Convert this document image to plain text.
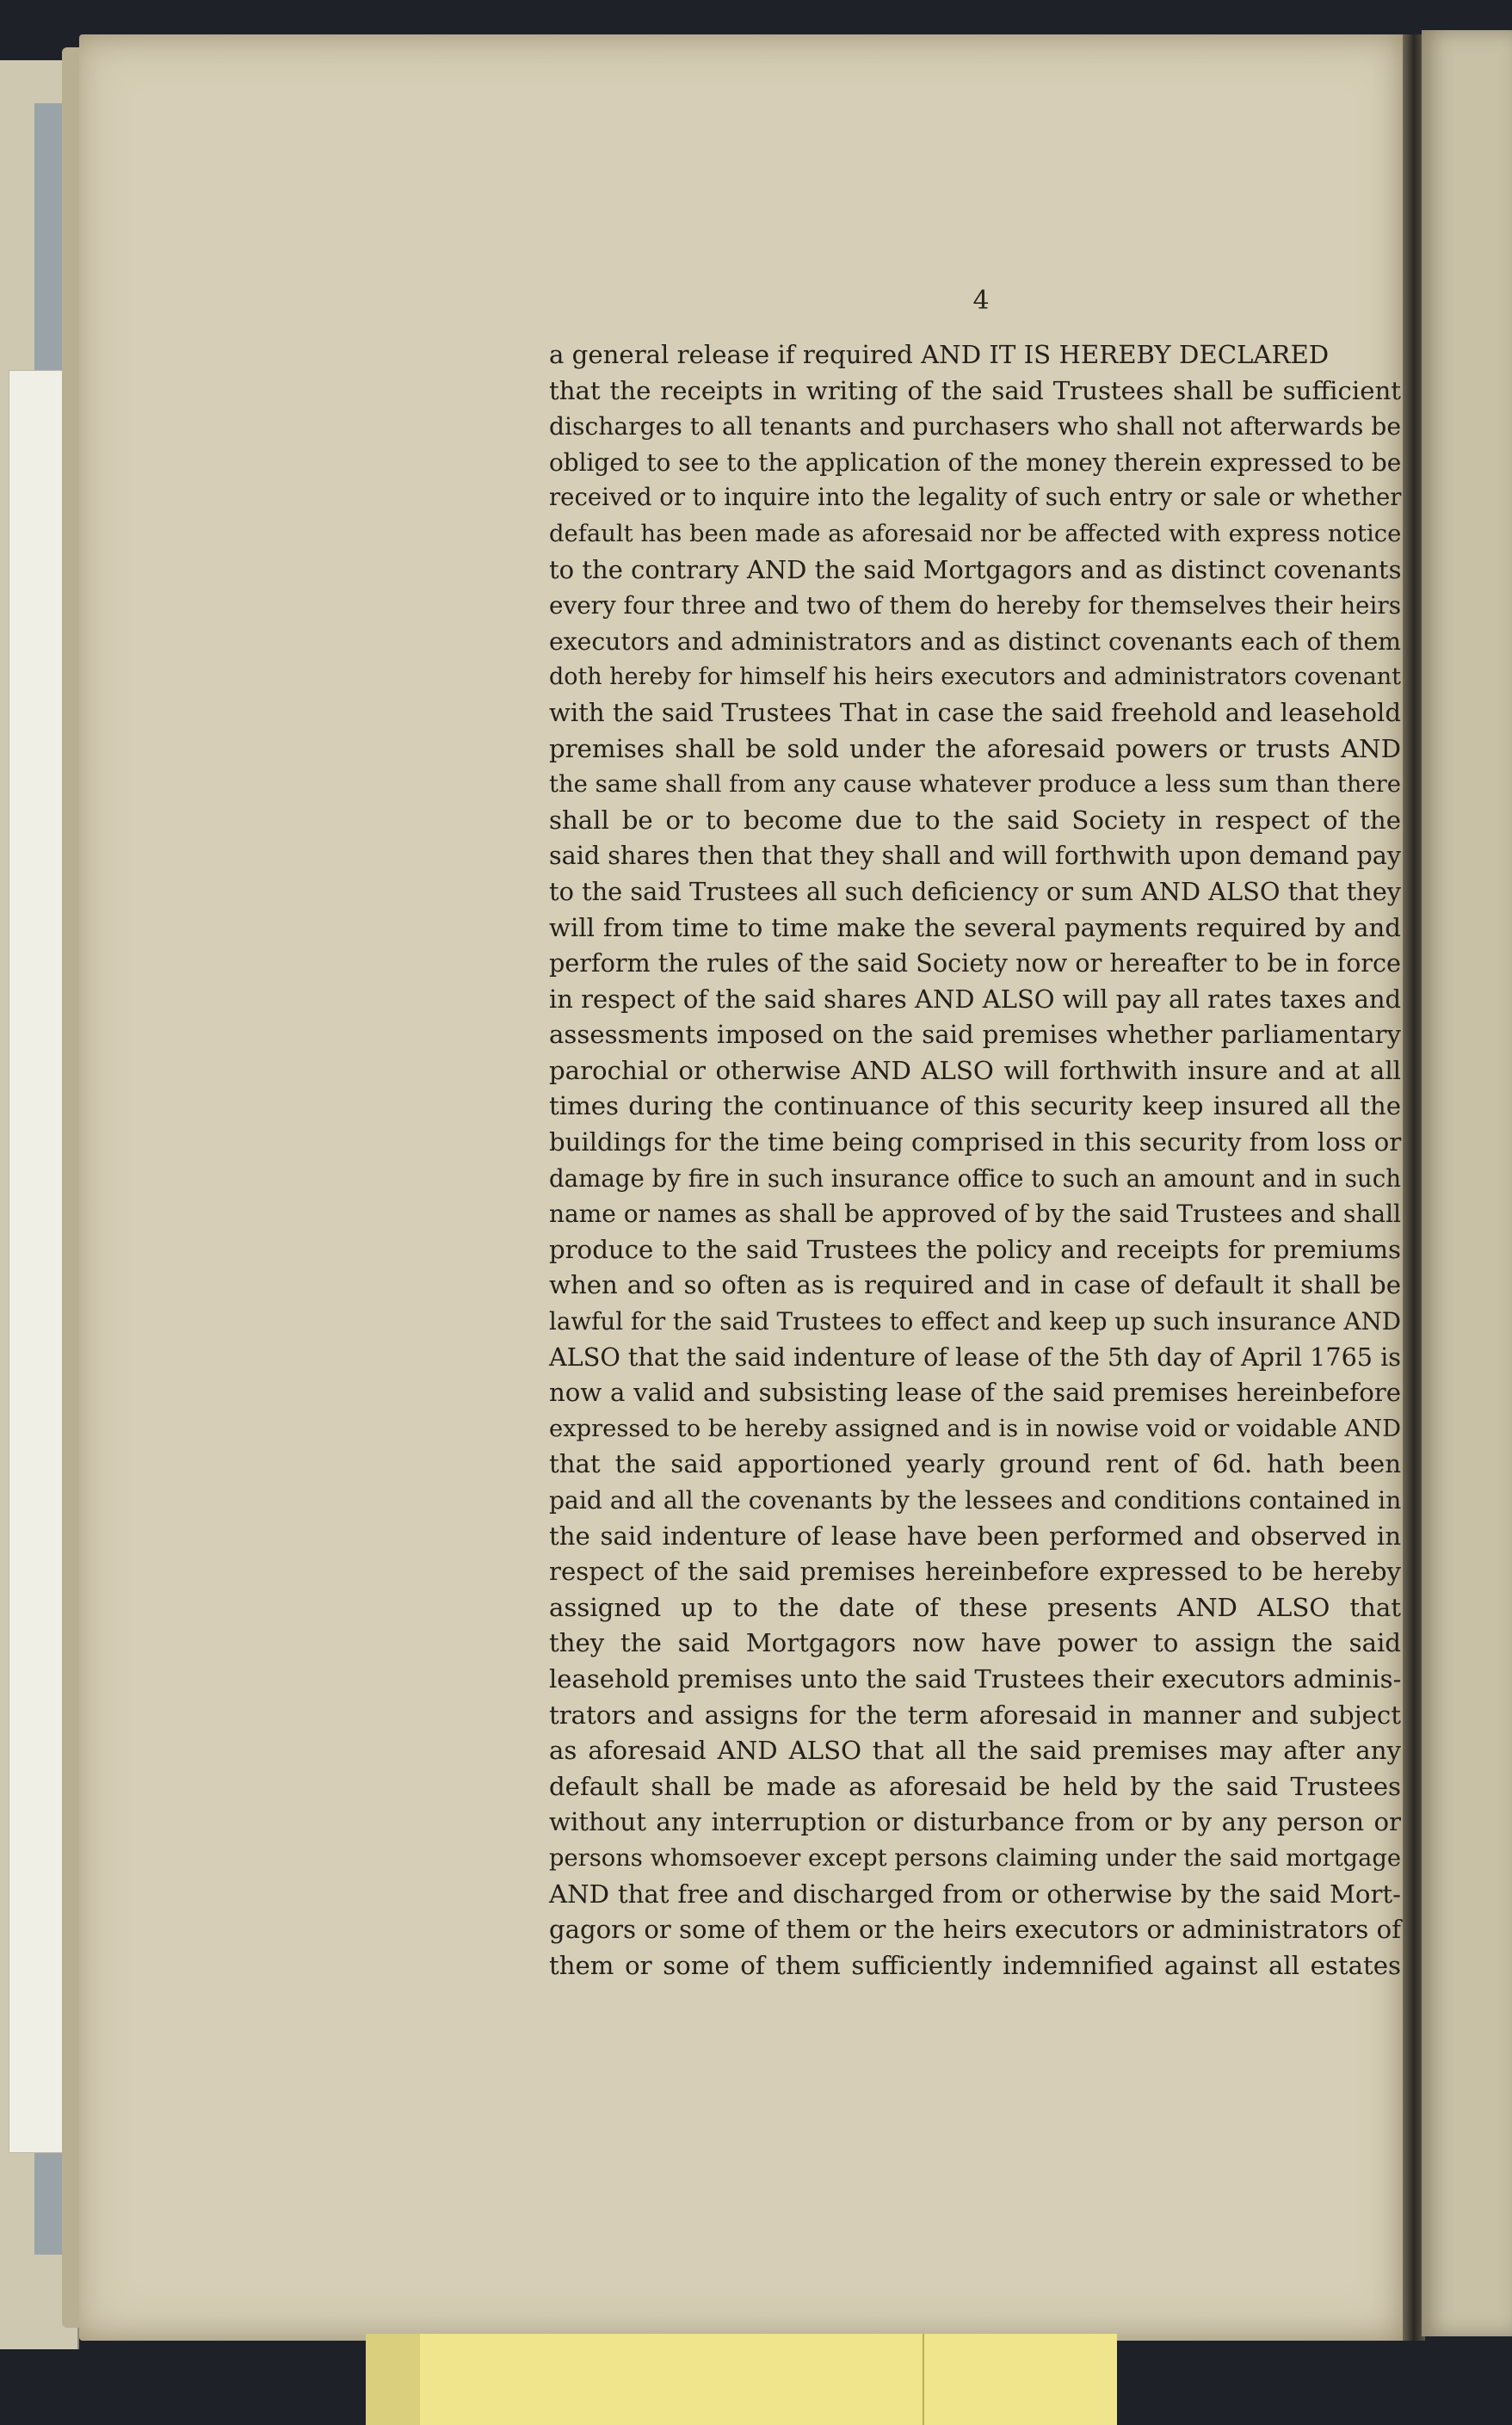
4
a general release if required AND IT IS HEREBY DECLARED
that the receipts in writing of the said Trustees shall be sufficient
discharges to all tenants and purchasers who shall not afterwards be
obliged to see to the application of the money therein expressed to be
received or to inquire into the legality of such entry or sale or whether
default has been made as aforesaid nor be affected with express notice
to the contrary AND the said Mortgagors and as distinct covenants
every four three and two of them do hereby for themselves their heirs
executors and administrators and as distinct covenants each of them
doth hereby for himself his heirs executors and administrators covenant
with the said Trustees That in case the said freehold and leasehold
premises shall be sold under the aforesaid powers or trusts AND
the same shall from any cause whatever produce a less sum than there
shall be or to become due to the said Society in respect of the
said shares then that they shall and will forthwith upon demand pay
to the said Trustees all such deficiency or sum AND ALSO that they
will from time to time make the several payments required by and
perform the rules of the said Society now or hereafter to be in force
in respect of the said shares AND ALSO will pay all rates taxes and
assessments imposed on the said premises whether parliamentary
parochial or otherwise AND ALSO will forthwith insure and at all
times during the continuance of this security keep insured all the
buildings for the time being comprised in this security from loss or
damage by fire in such insurance office to such an amount and in such
name or names as shall be approved of by the said Trustees and shall
produce to the said Trustees the policy and receipts for premiums
when and so often as is required and in case of default it shall be
lawful for the said Trustees to effect and keep up such insurance AND
ALSO that the said indenture of lease of the 5th day of April 1765 is
now a valid and subsisting lease of the said premises hereinbefore
expressed to be hereby assigned and is in nowise void or voidable AND
that the said apportioned yearly ground rent of 6d. hath been
paid and all the covenants by the lessees and conditions contained in
the said indenture of lease have been performed and observed in
respect of the said premises hereinbefore expressed to be hereby
assigned up to the date of these presents AND ALSO that
they the said Mortgagors now have power to assign the said
leasehold premises unto the said Trustees their executors adminis-
trators and assigns for the term aforesaid in manner and subject
as aforesaid AND ALSO that all the said premises may after any
default shall be made as aforesaid be held by the said Trustees
without any interruption or disturbance from or by any person or
persons whomsoever except persons claiming under the said mortgage
AND that free and discharged from or otherwise by the said Mort-
gagors or some of them or the heirs executors or administrators of
them or some of them sufficiently indemnified against all estates
